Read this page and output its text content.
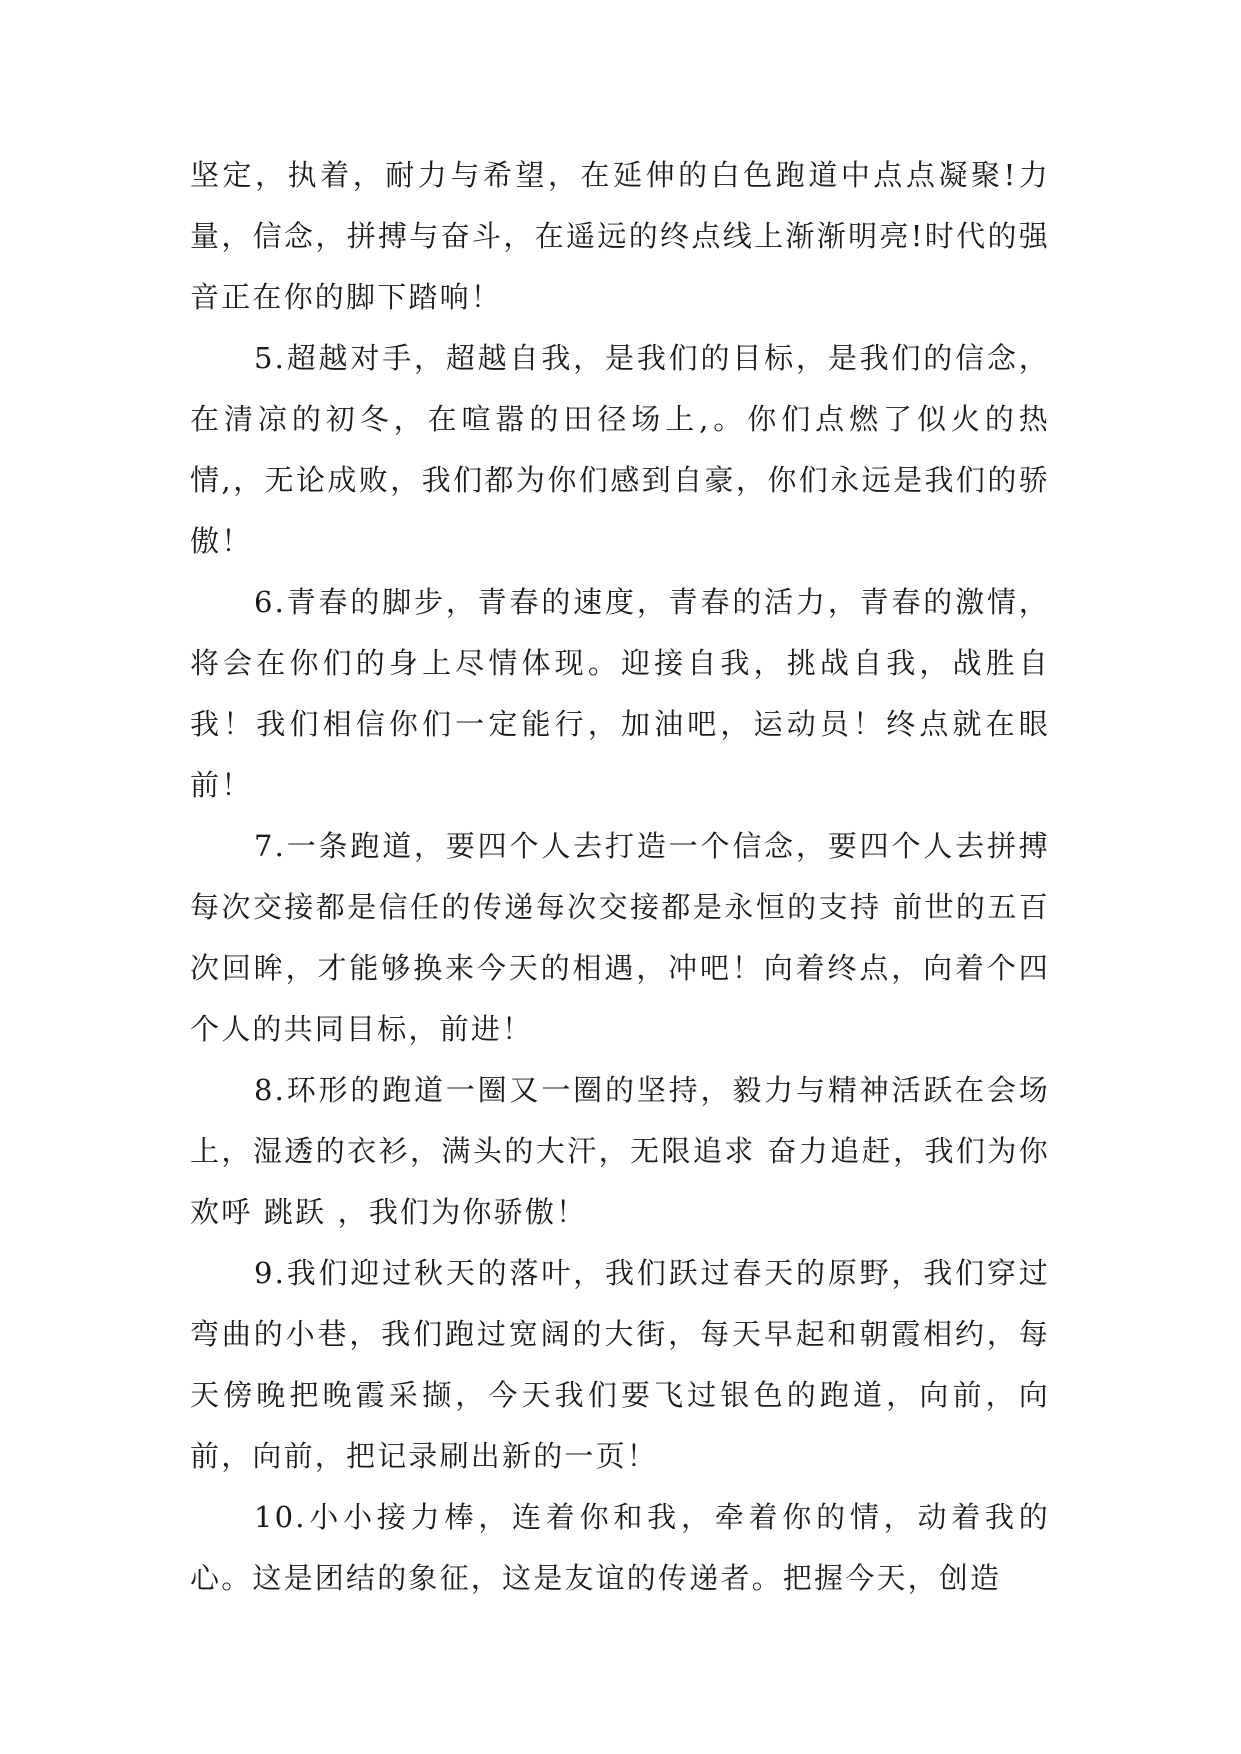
坚定，执着，耐力与希望，在延伸的白色跑道中点点凝聚!力量，信念，拼搏与奋斗，在遥远的终点线上渐渐明亮!时代的强音正在你的脚下踏响！

5.超越对手，超越自我，是我们的目标，是我们的信念，在清凉的初冬，在喧嚣的田径场上,。你们点燃了似火的热情,，无论成败，我们都为你们感到自豪，你们永远是我们的骄傲！

6.青春的脚步，青春的速度，青春的活力，青春的激情，将会在你们的身上尽情体现。迎接自我，挑战自我，战胜自我！我们相信你们一定能行，加油吧，运动员！终点就在眼前！

7.一条跑道，要四个人去打造一个信念，要四个人去拼搏每次交接都是信任的传递每次交接都是永恒的支持 前世的五百次回眸，才能够换来今天的相遇，冲吧！向着终点，向着个四个人的共同目标，前进！

8.环形的跑道一圈又一圈的坚持，毅力与精神活跃在会场上，湿透的衣衫，满头的大汗，无限追求 奋力追赶，我们为你欢呼 跳跃 ，我们为你骄傲！

9.我们迎过秋天的落叶，我们跃过春天的原野，我们穿过弯曲的小巷，我们跑过宽阔的大街，每天早起和朝霞相约，每天傍晚把晚霞采撷，今天我们要飞过银色的跑道，向前，向前，向前，把记录刷出新的一页！

10.小小接力棒，连着你和我，牵着你的情，动着我的心。这是团结的象征，这是友谊的传递者。把握今天，创造
